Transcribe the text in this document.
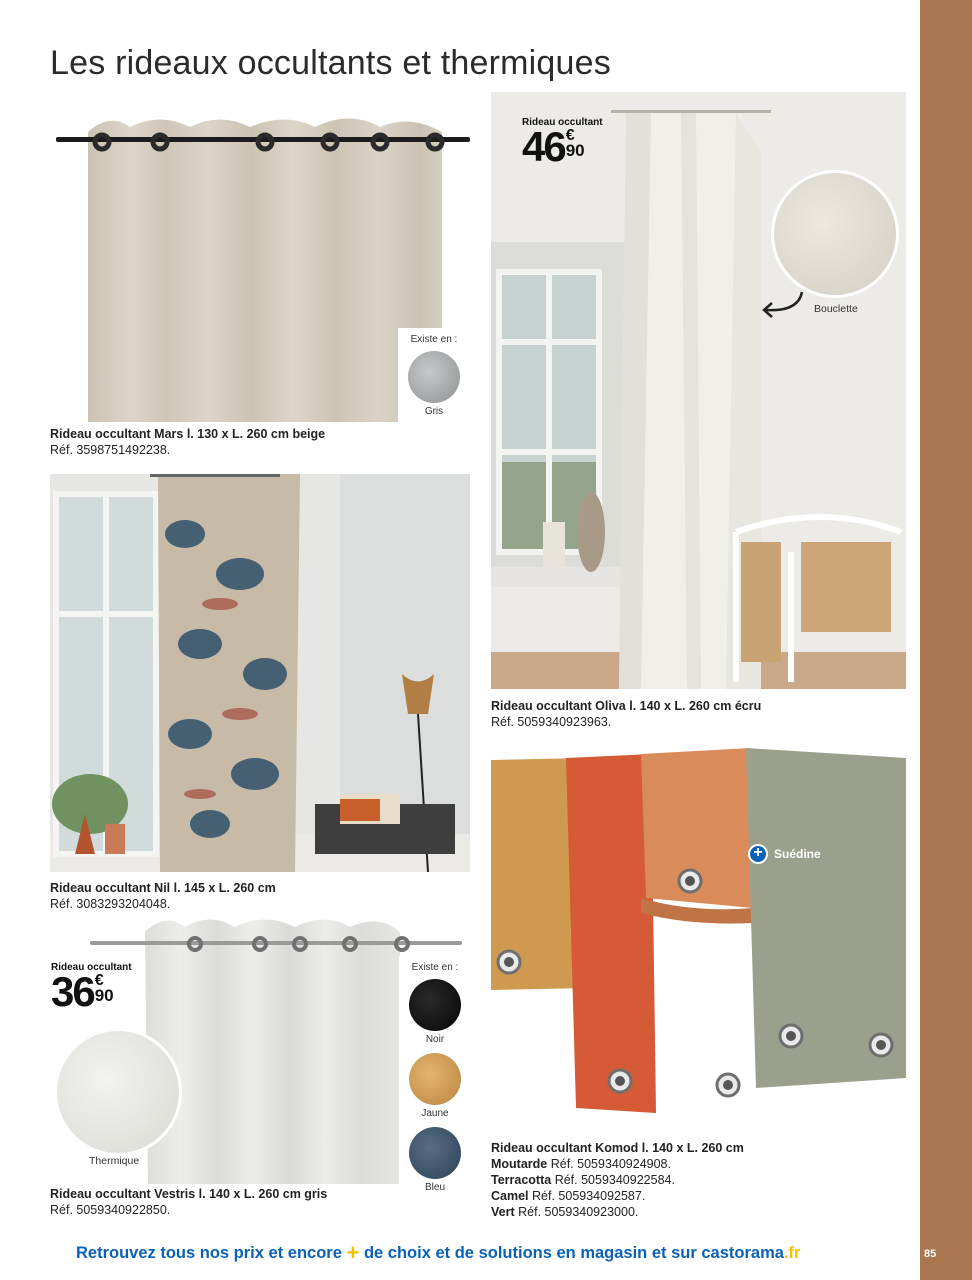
85
Les rideaux occultants et thermiques
Existe en :
Gris
Rideau occultant Mars l. 130 x L. 260 cm beige
Réf. 3598751492238.
Rideau occultant
46 €
90
Bouclette
Rideau occultant Oliva l. 140 x L. 260 cm écru
Réf. 5059340923963.
Rideau occultant Nil l. 145 x L. 260 cm
Réf. 3083293204048.
Rideau occultant
36 €
90
Thermique
Existe en :
Noir
Jaune
Bleu
Rideau occultant Vestris l. 140 x L. 260 cm gris
Réf. 5059340922850.
+ Suédine
Rideau occultant Komod l. 140 x L. 260 cm
Moutarde Réf. 5059340924908.
Terracotta Réf. 5059340922584.
Camel Réf. 505934092587.
Vert Réf. 5059340923000.
Retrouvez tous nos prix et encore + de choix et de solutions en magasin et sur castorama.fr
